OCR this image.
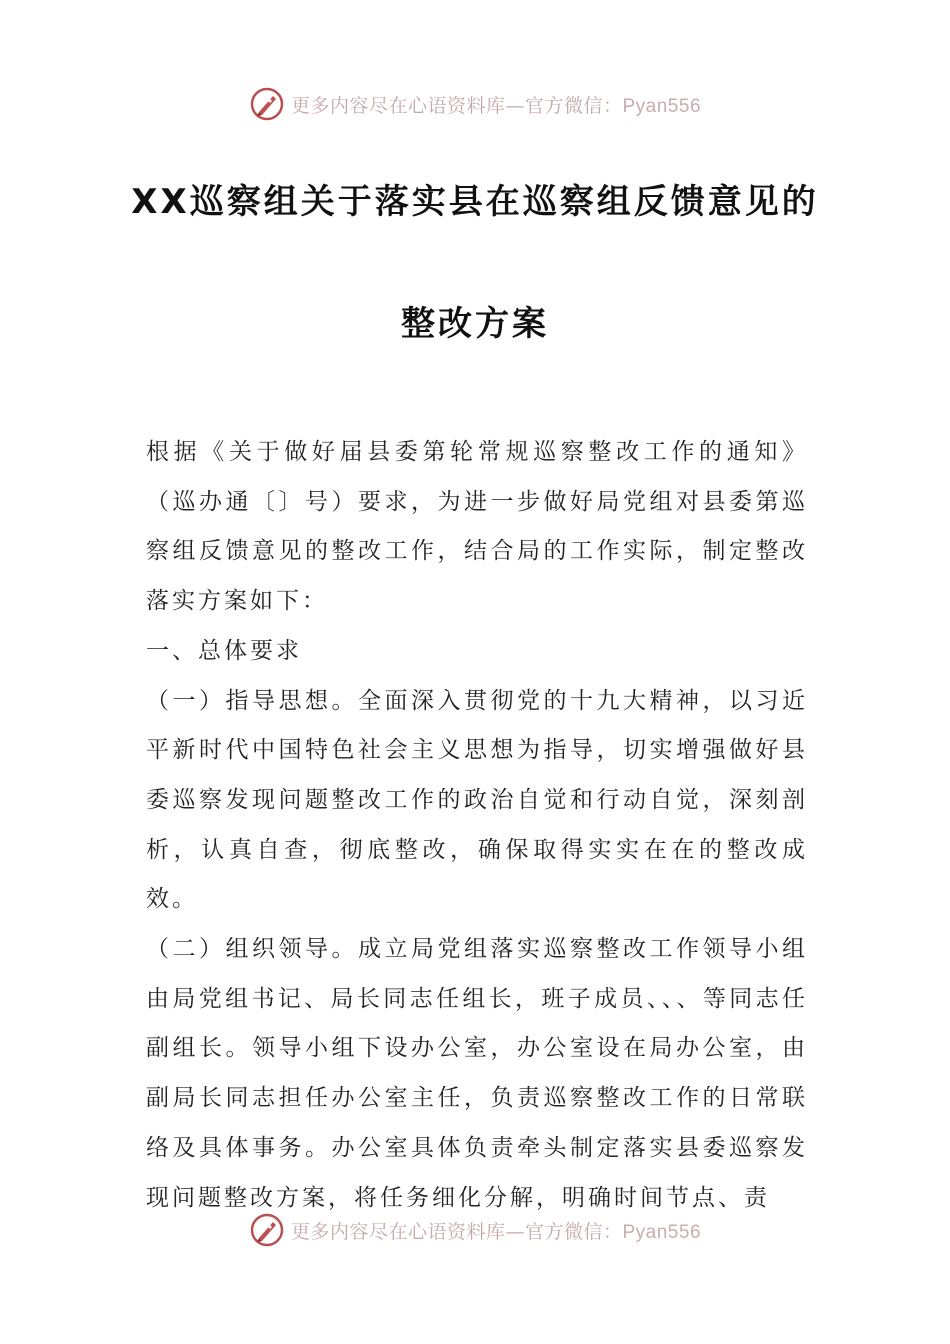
更多内容尽在心语资料库—官方微信：Pyan556
XX巡察组关于落实县在巡察组反馈意见的
整改方案

根据《关于做好届县委第轮常规巡察整改工作的通知》（巡办通〔〕号）要求，为进一步做好局党组对县委第巡察组反馈意见的整改工作，结合局的工作实际，制定整改落实方案如下：

一、总体要求

（一）指导思想。全面深入贯彻党的十九大精神，以习近平新时代中国特色社会主义思想为指导，切实增强做好县委巡察发现问题整改工作的政治自觉和行动自觉，深刻剖析，认真自查，彻底整改，确保取得实实在在的整改成效。

（二）组织领导。成立局党组落实巡察整改工作领导小组由局党组书记、局长同志任组长，班子成员、、、等同志任副组长。领导小组下设办公室，办公室设在局办公室，由副局长同志担任办公室主任，负责巡察整改工作的日常联络及具体事务。办公室具体负责牵头制定落实县委巡察发现问题整改方案，将任务细化分解，明确时间节点、责

更多内容尽在心语资料库—官方微信：Pyan556
